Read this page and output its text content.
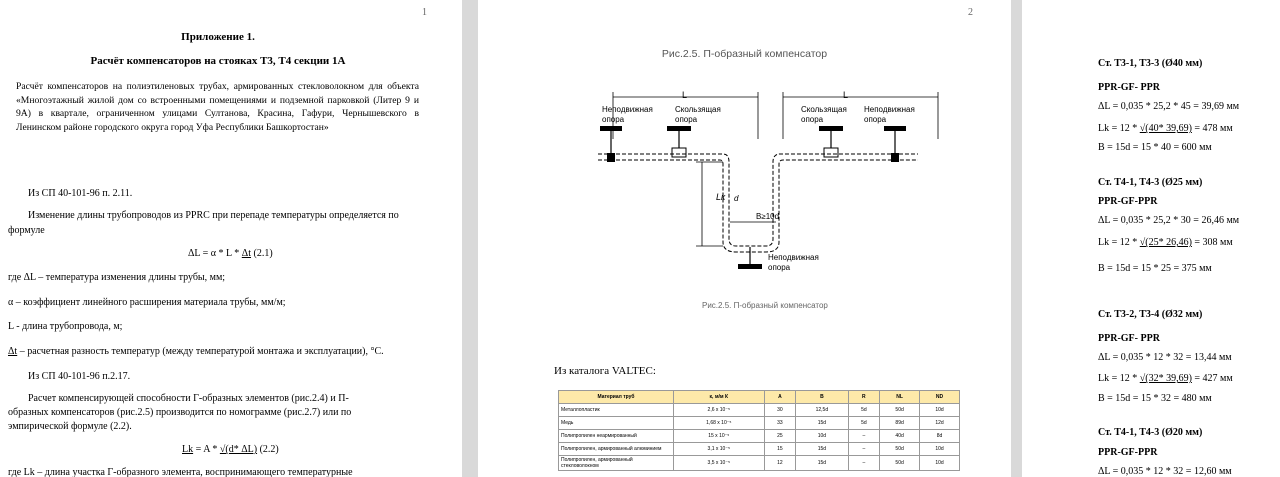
1
Приложение 1.
Расчёт компенсаторов на стояках Т3, Т4 секции 1А
Расчёт компенсаторов на полиэтиленовых трубах, армированных стекловолокном для объекта «Многоэтажный жилой дом со встроенными помещениями и подземной парковкой (Литер 9 и 9А) в квартале, ограниченном улицами Султанова, Красина, Гафури, Чернышевского в Ленинском районе городского округа город Уфа Республики Башкортостан»
Из СП 40-101-96 п. 2.11.
Изменение длины трубопроводов из PPRC при перепаде температуры определяется по
формуле
ΔL = α * L * Δt (2.1)
где ΔL – температура изменения длины трубы, мм;
α – коэффициент линейного расширения материала трубы, мм/м;
L - длина трубопровода, м;
Δt – расчетная разность температур (между температурой монтажа и эксплуатации), °С.
Из СП 40-101-96 п.2.17.
Расчет компенсирующей способности Г-образных элементов (рис.2.4) и П-
образных компенсаторов (рис.2.5) производится по номограмме (рис.2.7) или по
эмпирической формуле (2.2).
Lk = A * √(d* ΔL) (2.2)
где Lk – длина участка Г-образного элемента, воспринимающего температурные
2
Рис.2.5. П-образный компенсатор
Неподвижная
опора
Скользящая
опора
Скользящая
опора
Неподвижная
опора
L	L
Lк d
B≥10d
Неподвижная
опора
Рис.2.5. П-образный компенсатор
Из каталога VALTEC:
Материал труб	к, м/м К	A	B	R	NL	ND
Металлопластик	2,6 х 10⁻⁵	30	12,5d	5d	50d	10d
Медь	1,68 х 10⁻⁵	33	15d	5d	89d	12d
Полипропилен неармированный	15 х 10⁻⁵	25	10d	–	40d	8d
Полипропилен, армированный алюминием	3,1 х 10⁻⁵	15	15d	–	50d	10d
Полипропилен, армированный стекловолокном	3,5 х 10⁻⁵	12	15d	–	50d	10d
Ст. Т3-1, Т3-3 (Ø40 мм)
PPR-GF- PPR
ΔL = 0,035 * 25,2 * 45 = 39,69 мм
Lk = 12 * √(40* 39,69) = 478 мм
B = 15d = 15 * 40 = 600 мм
Ст. Т4-1, Т4-3 (Ø25 мм)
PPR-GF-PPR
ΔL = 0,035 * 25,2 * 30 = 26,46 мм
Lk = 12 * √(25* 26,46) = 308 мм
B = 15d = 15 * 25 = 375 мм
Ст. Т3-2, Т3-4 (Ø32 мм)
PPR-GF- PPR
ΔL = 0,035 * 12 * 32 = 13,44 мм
Lk = 12 * √(32* 39,69) = 427 мм
B = 15d = 15 * 32 = 480 мм
Ст. Т4-1, Т4-3 (Ø20 мм)
PPR-GF-PPR
ΔL = 0,035 * 12 * 32 = 12,60 мм
